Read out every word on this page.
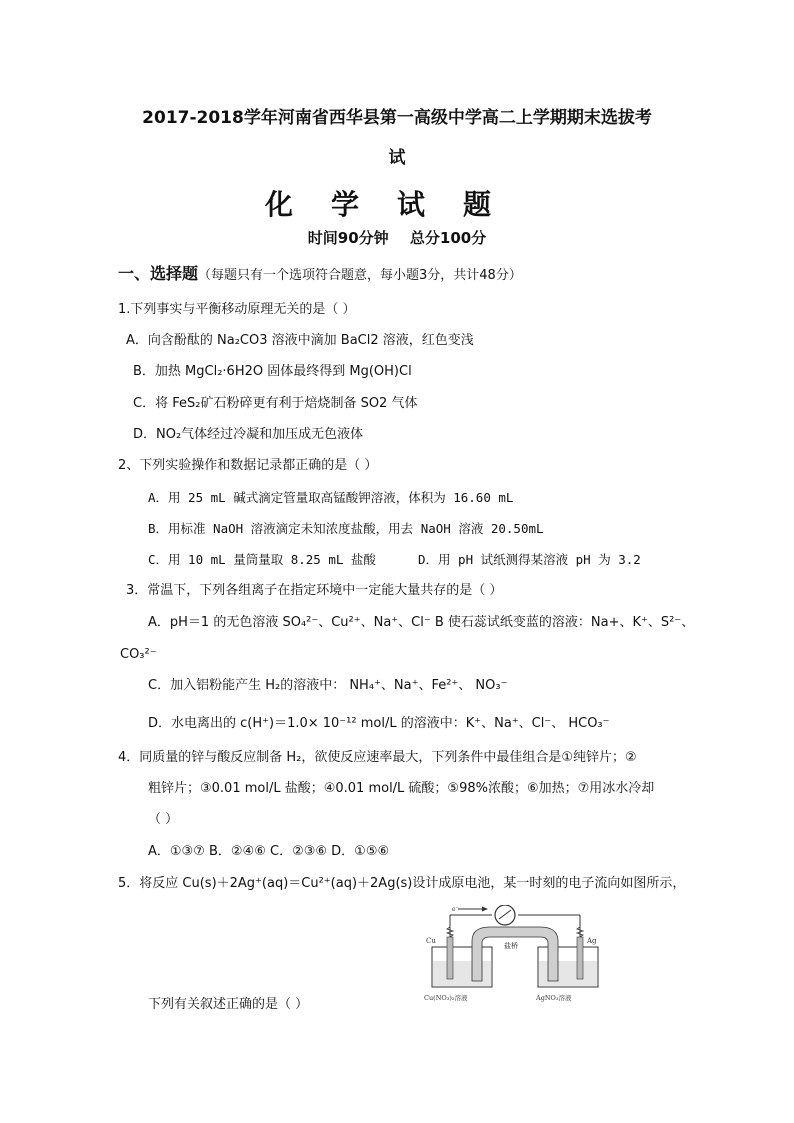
2017-2018学年河南省西华县第一高级中学高二上学期期末选拔考
试
化学试题
时间90分钟 总分100分
一、选择题（每题只有一个选项符合题意，每小题3分，共计48分）
1.下列事实与平衡移动原理无关的是（ ）
A．向含酚酞的 Na₂CO3 溶液中滴加 BaCl2 溶液，红色变浅
B．加热 MgCl₂·6H2O 固体最终得到 Mg(OH)Cl
C．将 FeS₂矿石粉碎更有利于焙烧制备 SO2 气体
D．NO₂气体经过冷凝和加压成无色液体
2、下列实验操作和数据记录都正确的是（ ）
A．用 25 mL 碱式滴定管量取高锰酸钾溶液，体积为 16.60 mL
B．用标准 NaOH 溶液滴定未知浓度盐酸，用去 NaOH 溶液 20.50mL
C．用 10 mL 量筒量取 8.25 mL 盐酸	D．用 pH 试纸测得某溶液 pH 为 3.2
3．常温下，下列各组离子在指定环境中一定能大量共存的是（ ）
A．pH＝1 的无色溶液 SO₄²⁻、Cu²⁺、Na⁺、Cl⁻ B 使石蕊试纸变蓝的溶液：Na+、K⁺、S²⁻、
CO₃²⁻
C．加入铝粉能产生 H₂的溶液中： NH₄⁺、Na⁺、Fe²⁺、 NO₃⁻
D．水电离出的 c(H⁺)＝1.0× 10⁻¹² mol/L 的溶液中：K⁺、Na⁺、Cl⁻、 HCO₃⁻
4．同质量的锌与酸反应制备 H₂，欲使反应速率最大，下列条件中最佳组合是①纯锌片；②
粗锌片；③0.01 mol/L 盐酸；④0.01 mol/L 硫酸；⑤98%浓酸；⑥加热；⑦用冰水冷却
（ ）
A．①③⑦ B．②④⑥ C．②③⑥ D．①⑤⑥
5．将反应 Cu(s)＋2Ag⁺(aq)＝Cu²⁺(aq)＋2Ag(s)设计成原电池，某一时刻的电子流向如图所示，
下列有关叙述正确的是（ ）
e⁻
Cu	Ag
盐桥
Cu(NO₃)₂溶液	AgNO₃溶液
